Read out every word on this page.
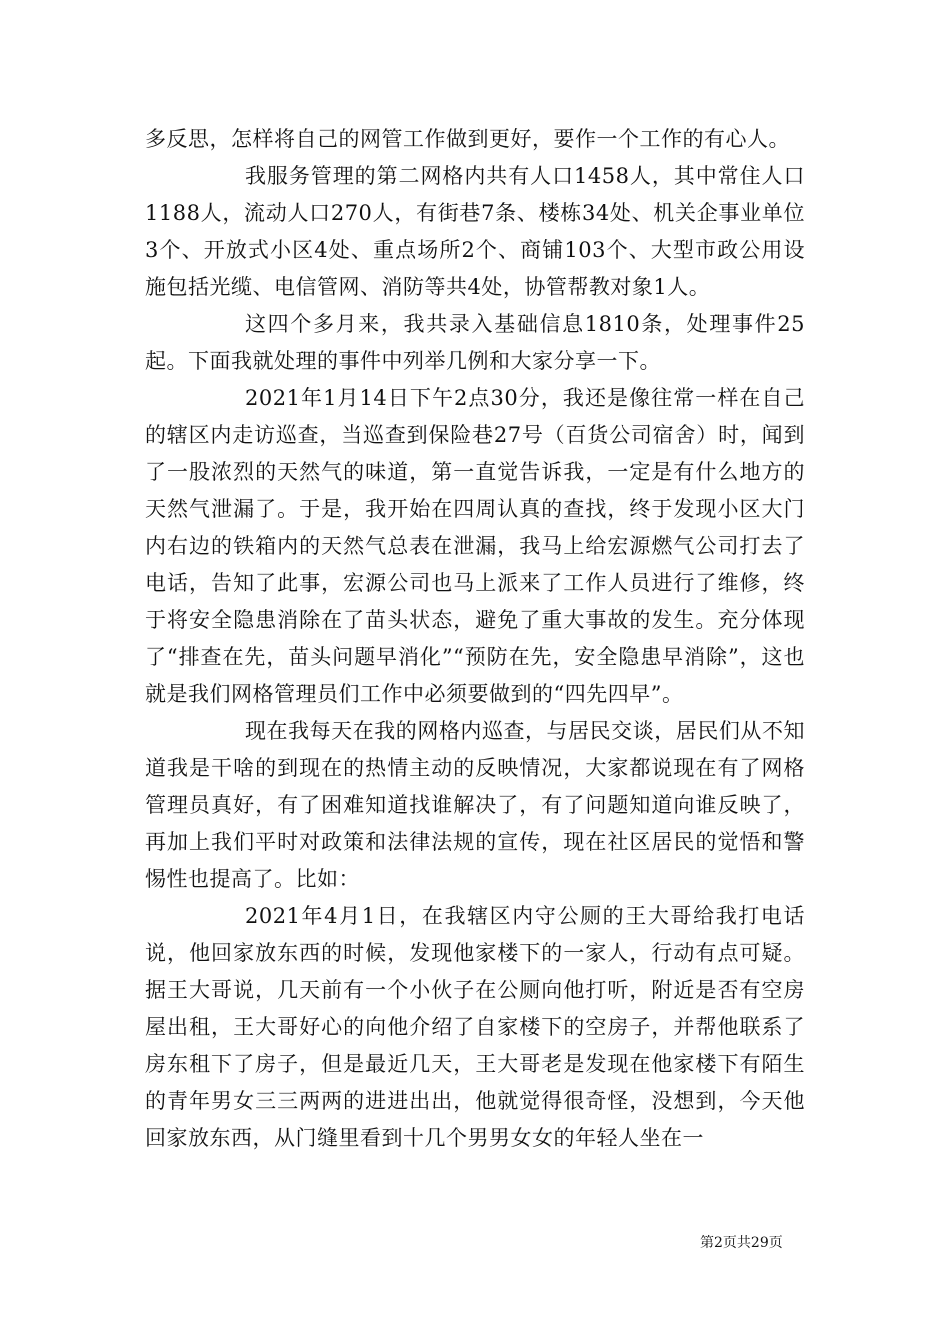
多反思，怎样将自己的网管工作做到更好，要作一个工作的有心人。

我服务管理的第二网格内共有人口1458人，其中常住人口1188人，流动人口270人，有街巷7条、楼栋34处、机关企事业单位3个、开放式小区4处、重点场所2个、商铺103个、大型市政公用设施包括光缆、电信管网、消防等共4处，协管帮教对象1人。

这四个多月来，我共录入基础信息1810条，处理事件25起。下面我就处理的事件中列举几例和大家分享一下。

2021年1月14日下午2点30分，我还是像往常一样在自己的辖区内走访巡查，当巡查到保险巷27号（百货公司宿舍）时，闻到了一股浓烈的天然气的味道，第一直觉告诉我，一定是有什么地方的天然气泄漏了。于是，我开始在四周认真的查找，终于发现小区大门内右边的铁箱内的天然气总表在泄漏，我马上给宏源燃气公司打去了电话，告知了此事，宏源公司也马上派来了工作人员进行了维修，终于将安全隐患消除在了苗头状态，避免了重大事故的发生。充分体现了“排查在先，苗头问题早消化”“预防在先，安全隐患早消除”，这也就是我们网格管理员们工作中必须要做到的“四先四早”。

现在我每天在我的网格内巡查，与居民交谈，居民们从不知道我是干啥的到现在的热情主动的反映情况，大家都说现在有了网格管理员真好，有了困难知道找谁解决了，有了问题知道向谁反映了，再加上我们平时对政策和法律法规的宣传，现在社区居民的觉悟和警惕性也提高了。比如：

2021年4月1日，在我辖区内守公厕的王大哥给我打电话说，他回家放东西的时候，发现他家楼下的一家人，行动有点可疑。据王大哥说，几天前有一个小伙子在公厕向他打听，附近是否有空房屋出租，王大哥好心的向他介绍了自家楼下的空房子，并帮他联系了房东租下了房子，但是最近几天，王大哥老是发现在他家楼下有陌生的青年男女三三两两的进进出出，他就觉得很奇怪，没想到，今天他回家放东西，从门缝里看到十几个男男女女的年轻人坐在一

第2页共29页
